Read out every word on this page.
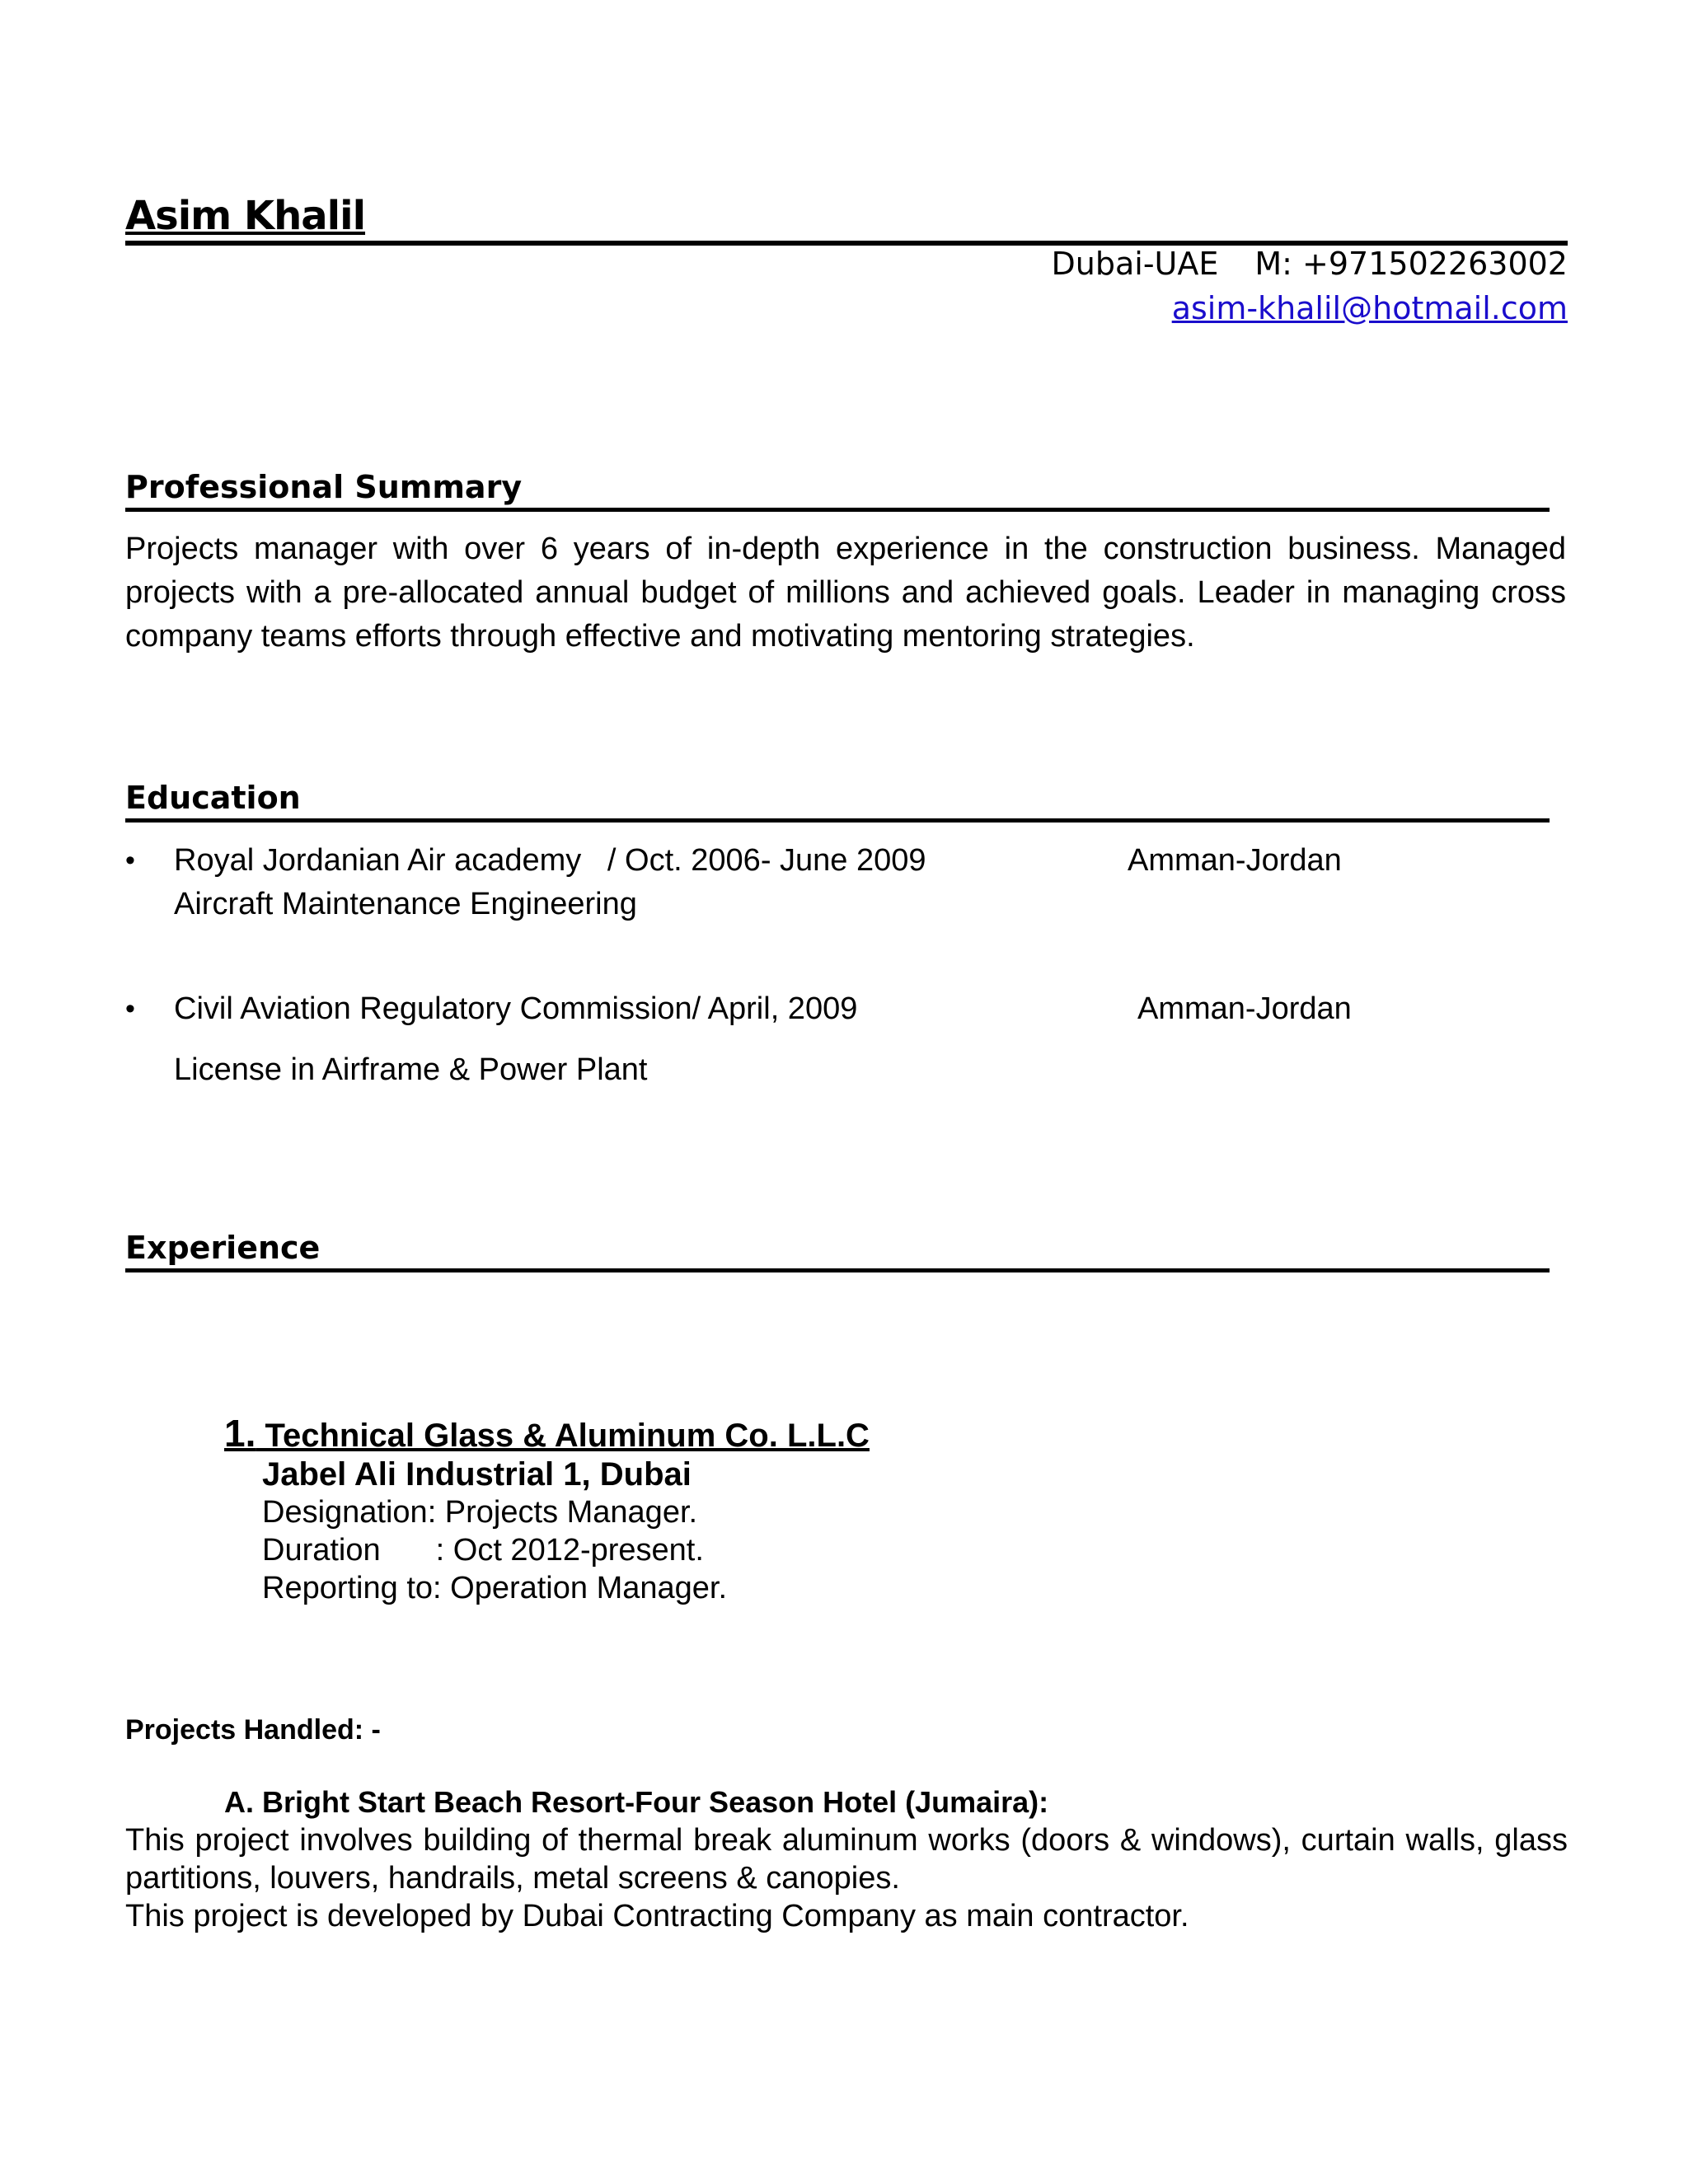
Asim Khalil
Dubai-UAE M: +971502263002
asim-khalil@hotmail.com
Professional Summary
Projects manager with over 6 years of in-depth experience in the construction business. Managed projects with a pre-allocated annual budget of millions and achieved goals. Leader in managing cross company teams efforts through effective and motivating mentoring strategies.
Education
• Royal Jordanian Air academy   / Oct. 2006- June 2009	Amman-Jordan
Aircraft Maintenance Engineering
• Civil Aviation Regulatory Commission/ April, 2009	Amman-Jordan
License in Airframe & Power Plant
Experience
1. Technical Glass & Aluminum Co. L.L.C
Jabel Ali Industrial 1, Dubai
Designation: Projects Manager.
Duration : Oct 2012-present.
Reporting to: Operation Manager.
Projects Handled: -
A. Bright Start Beach Resort-Four Season Hotel (Jumaira):

This project involves building of thermal break aluminum works (doors & windows), curtain walls, glass partitions, louvers, handrails, metal screens & canopies.

This project is developed by Dubai Contracting Company as main contractor.
